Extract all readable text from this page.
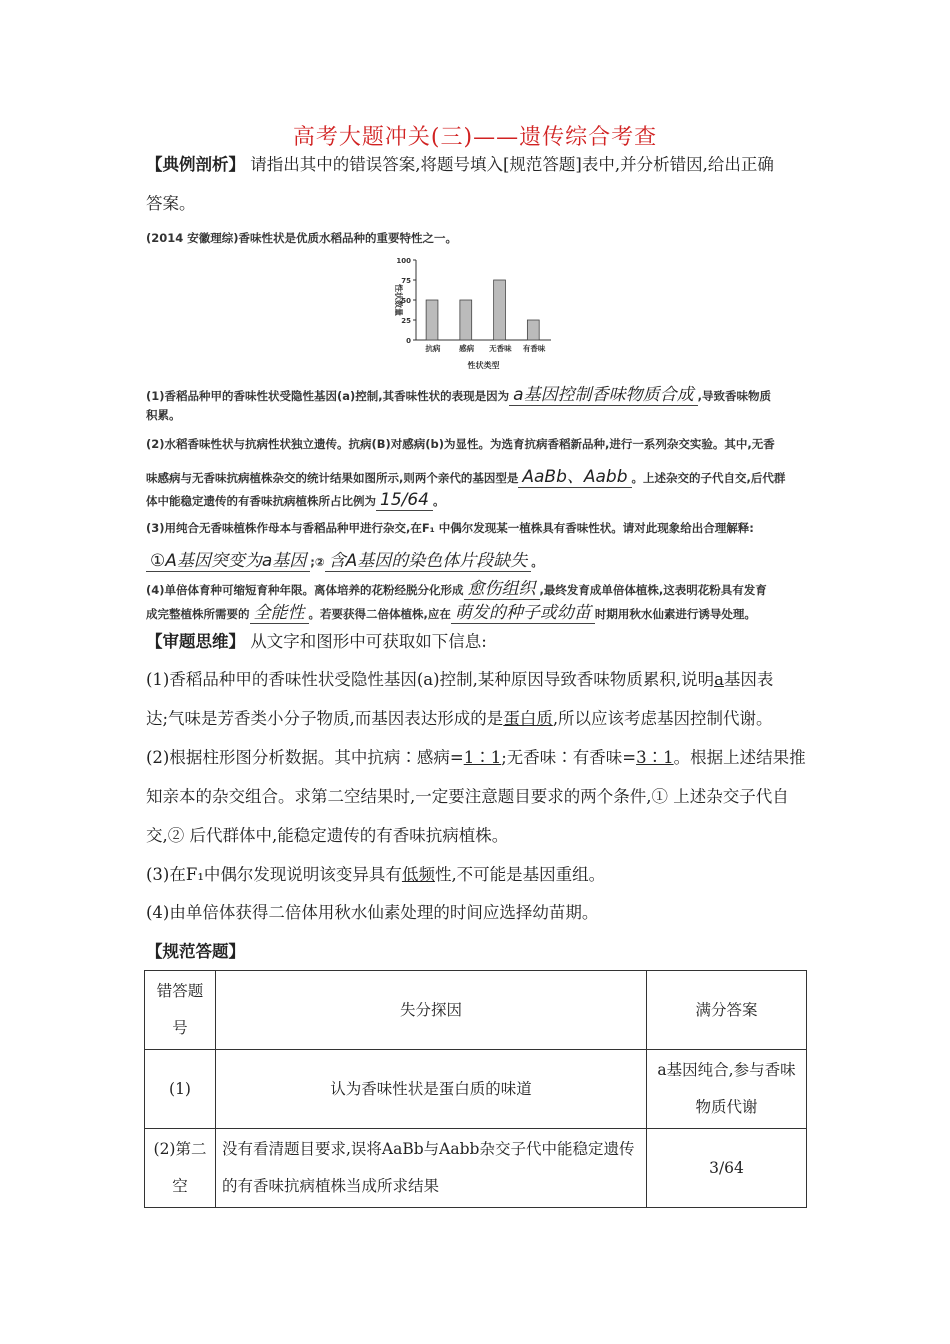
高考大题冲关(三)——遗传综合考查
【典例剖析】 请指出其中的错误答案,将题号填入[规范答题]表中,并分析错因,给出正确
答案。
(2014 安徽理综)香味性状是优质水稻品种的重要特性之一。
0
25
50
75
100
抗病	感病 无香味 有香味
性状类型
性状数量
(1)香稻品种甲的香味性状受隐性基因(a)控制,其香味性状的表现是因为 a基因控制香味物质合成 ,导致香味物质
积累。
(2)水稻香味性状与抗病性状独立遗传。抗病(B)对感病(b)为显性。为选育抗病香稻新品种,进行一系列杂交实验。其中,无香
味感病与无香味抗病植株杂交的统计结果如图所示,则两个亲代的基因型是 AaBb、Aabb 。上述杂交的子代自交,后代群
体中能稳定遗传的有香味抗病植株所占比例为 15/64 。
(3)用纯合无香味植株作母本与香稻品种甲进行杂交,在F₁ 中偶尔发现某一植株具有香味性状。请对此现象给出合理解释:
①A基因突变为a基因 ;② 含A基因的染色体片段缺失 。
(4)单倍体育种可缩短育种年限。离体培养的花粉经脱分化形成 愈伤组织 ,最终发育成单倍体植株,这表明花粉具有发育
成完整植株所需要的 全能性 。若要获得二倍体植株,应在 萌发的种子或幼苗 时期用秋水仙素进行诱导处理。
【审题思维】 从文字和图形中可获取如下信息:
(1)香稻品种甲的香味性状受隐性基因(a)控制,某种原因导致香味物质累积,说明a基因表
达;气味是芳香类小分子物质,而基因表达形成的是蛋白质,所以应该考虑基因控制代谢。
(2)根据柱形图分析数据。其中抗病∶感病=1∶1;无香味∶有香味=3∶1。根据上述结果推
知亲本的杂交组合。求第二空结果时,一定要注意题目要求的两个条件,① 上述杂交子代自
交,② 后代群体中,能稳定遗传的有香味抗病植株。
(3)在F₁中偶尔发现说明该变异具有低频性,不可能是基因重组。
(4)由单倍体获得二倍体用秋水仙素处理的时间应选择幼苗期。
【规范答题】
错答题号	失分探因	满分答案
(1)	认为香味性状是蛋白质的味道	a基因纯合,参与香味物质代谢
(2)第二空	没有看清题目要求,误将AaBb与Aabb杂交子代中能稳定遗传的有香味抗病植株当成所求结果	3/64
